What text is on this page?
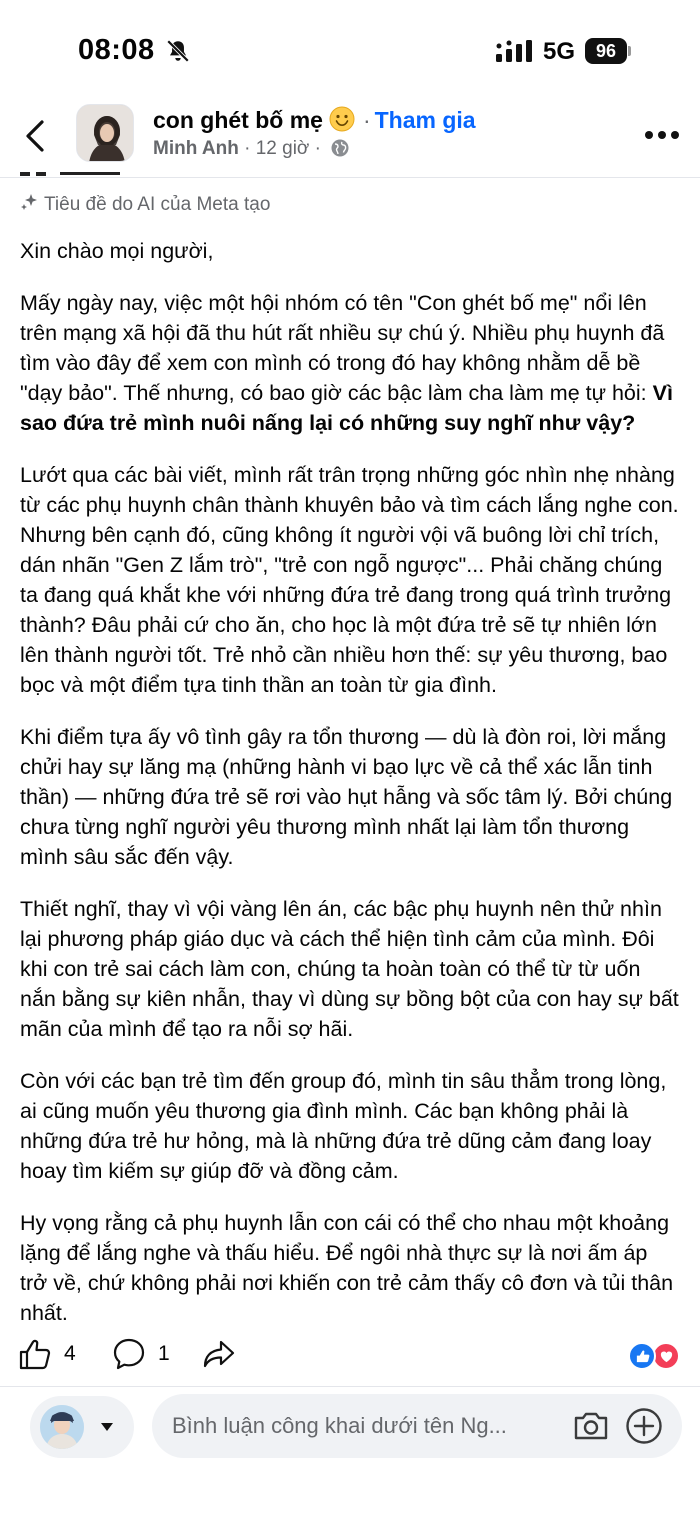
08:08	5G	96
con ghét bố mẹ · Tham gia
Minh Anh · 12 giờ ·
Tiêu đề do AI của Meta tạo

Xin chào mọi người,

Mấy ngày nay, việc một hội nhóm có tên "Con ghét bố mẹ" nổi lên trên mạng xã hội đã thu hút rất nhiều sự chú ý. Nhiều phụ huynh đã tìm vào đây để xem con mình có trong đó hay không nhằm dễ bề "dạy bảo". Thế nhưng, có bao giờ các bậc làm cha làm mẹ tự hỏi: Vì sao đứa trẻ mình nuôi nấng lại có những suy nghĩ như vậy?

Lướt qua các bài viết, mình rất trân trọng những góc nhìn nhẹ nhàng từ các phụ huynh chân thành khuyên bảo và tìm cách lắng nghe con. Nhưng bên cạnh đó, cũng không ít người vội vã buông lời chỉ trích, dán nhãn "Gen Z lắm trò", "trẻ con ngỗ ngược"... Phải chăng chúng ta đang quá khắt khe với những đứa trẻ đang trong quá trình trưởng thành? Đâu phải cứ cho ăn, cho học là một đứa trẻ sẽ tự nhiên lớn lên thành người tốt. Trẻ nhỏ cần nhiều hơn thế: sự yêu thương, bao bọc và một điểm tựa tinh thần an toàn từ gia đình.

Khi điểm tựa ấy vô tình gây ra tổn thương — dù là đòn roi, lời mắng chửi hay sự lăng mạ (những hành vi bạo lực về cả thể xác lẫn tinh thần) — những đứa trẻ sẽ rơi vào hụt hẫng và sốc tâm lý. Bởi chúng chưa từng nghĩ người yêu thương mình nhất lại làm tổn thương mình sâu sắc đến vậy.

Thiết nghĩ, thay vì vội vàng lên án, các bậc phụ huynh nên thử nhìn lại phương pháp giáo dục và cách thể hiện tình cảm của mình. Đôi khi con trẻ sai cách làm con, chúng ta hoàn toàn có thể từ từ uốn nắn bằng sự kiên nhẫn, thay vì dùng sự bồng bột của con hay sự bất mãn của mình để tạo ra nỗi sợ hãi.

Còn với các bạn trẻ tìm đến group đó, mình tin sâu thẳm trong lòng, ai cũng muốn yêu thương gia đình mình. Các bạn không phải là những đứa trẻ hư hỏng, mà là những đứa trẻ dũng cảm đang loay hoay tìm kiếm sự giúp đỡ và đồng cảm.

Hy vọng rằng cả phụ huynh lẫn con cái có thể cho nhau một khoảng lặng để lắng nghe và thấu hiểu. Để ngôi nhà thực sự là nơi ấm áp trở về, chứ không phải nơi khiến con trẻ cảm thấy cô đơn và tủi thân nhất.

4	1
Bình luận công khai dưới tên Ng...
